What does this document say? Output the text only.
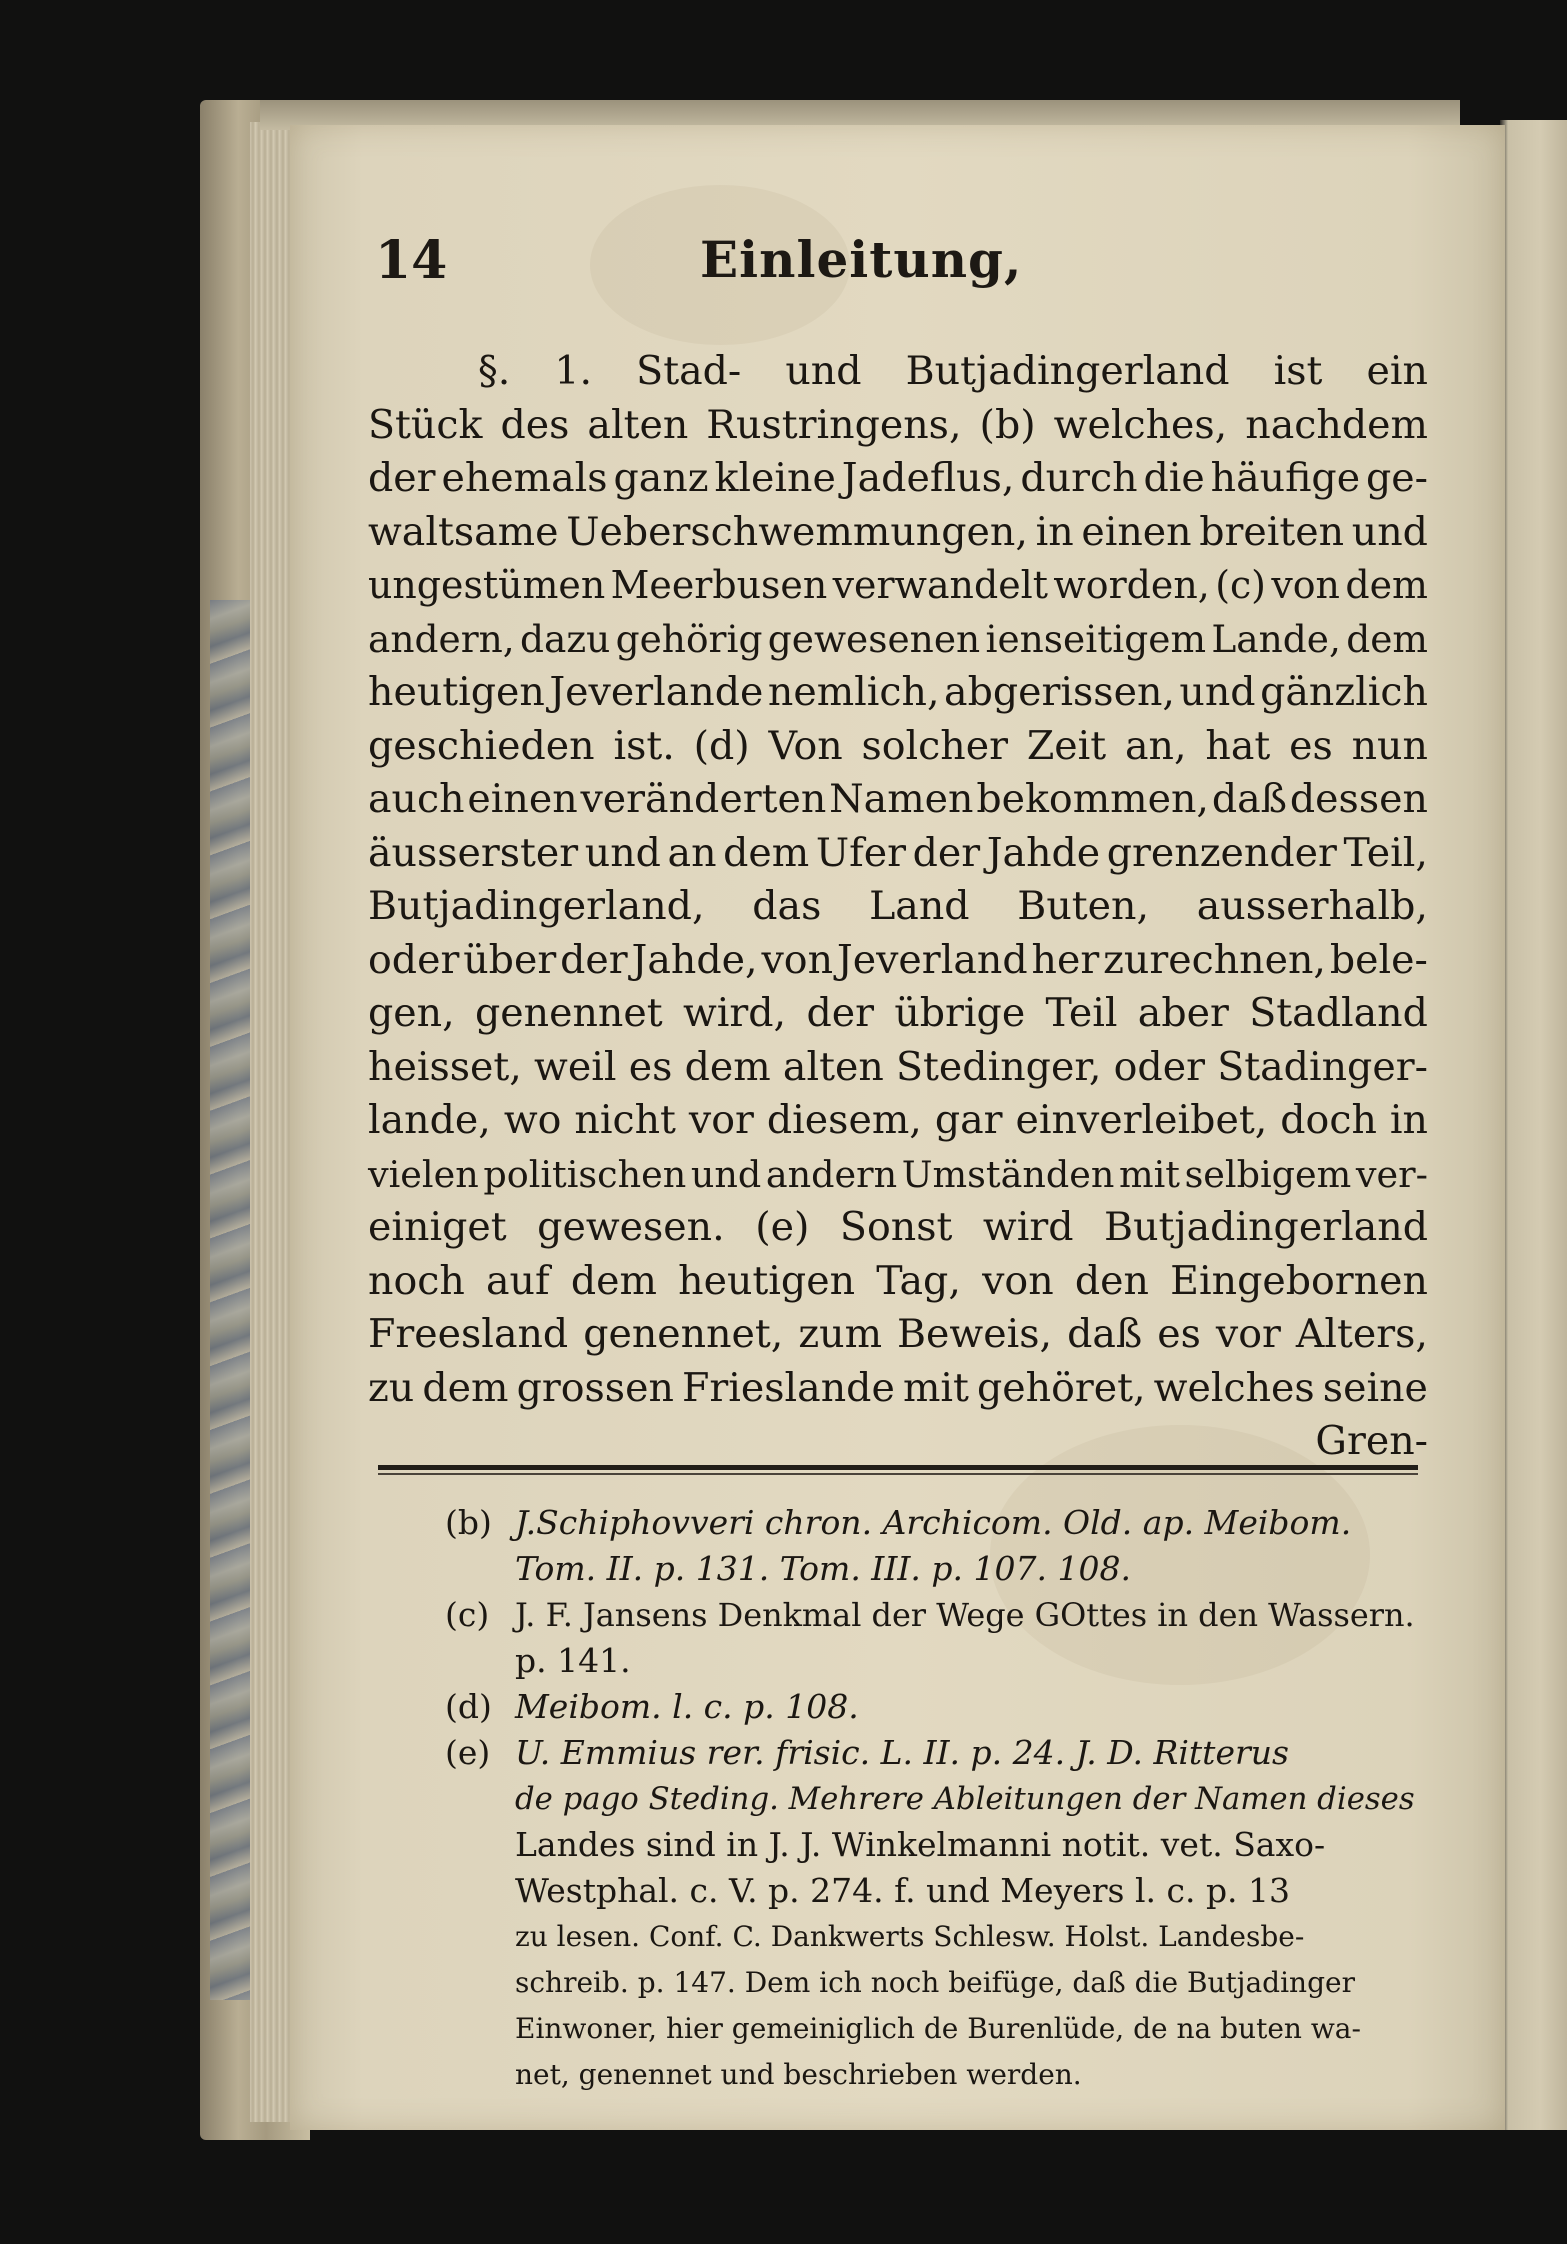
14	Einleitung,
§. 1. Stad- und Butjadingerland ist ein
Stück des alten Rustringens, (b) welches, nachdem
der ehemals ganz kleine Jadeflus, durch die häufige ge-
waltsame Ueberschwemmungen, in einen breiten und
ungestümen Meerbusen verwandelt worden, (c) von dem
andern, dazu gehörig gewesenen ienseitigem Lande, dem
heutigen Jeverlande nemlich, abgerissen, und gänzlich
geschieden ist. (d) Von solcher Zeit an, hat es nun
auch einen veränderten Namen bekommen, daß dessen
äusserster und an dem Ufer der Jahde grenzender Teil,
Butjadingerland, das Land Buten, ausserhalb,
oder über der Jahde, von Jeverland her zurechnen, bele-
gen, genennet wird, der übrige Teil aber Stadland
heisset, weil es dem alten Stedinger, oder Stadinger-
lande, wo nicht vor diesem, gar einverleibet, doch in
vielen politischen und andern Umständen mit selbigem ver-
einiget gewesen. (e) Sonst wird Butjadingerland
noch auf dem heutigen Tag, von den Eingebornen
Freesland genennet, zum Beweis, daß es vor Alters,
zu dem grossen Frieslande mit gehöret, welches seine
Gren-
(b) J.Schiphovveri chron. Archicom. Old. ap. Meibom.
Tom. II. p. 131. Tom. III. p. 107. 108.
(c) J. F. Jansens Denkmal der Wege GOttes in den Wassern.
p. 141.
(d) Meibom. l. c. p. 108.
(e) U. Emmius rer. frisic. L. II. p. 24. J. D. Ritterus
de pago Steding. Mehrere Ableitungen der Namen dieses
Landes sind in J. J. Winkelmanni notit. vet. Saxo-
Westphal. c. V. p. 274. f. und Meyers l. c. p. 13
zu lesen. Conf. C. Dankwerts Schlesw. Holst. Landesbe-
schreib. p. 147. Dem ich noch beifüge, daß die Butjadinger
Einwoner, hier gemeiniglich de Burenlüde, de na buten wa-
net, genennet und beschrieben werden.
